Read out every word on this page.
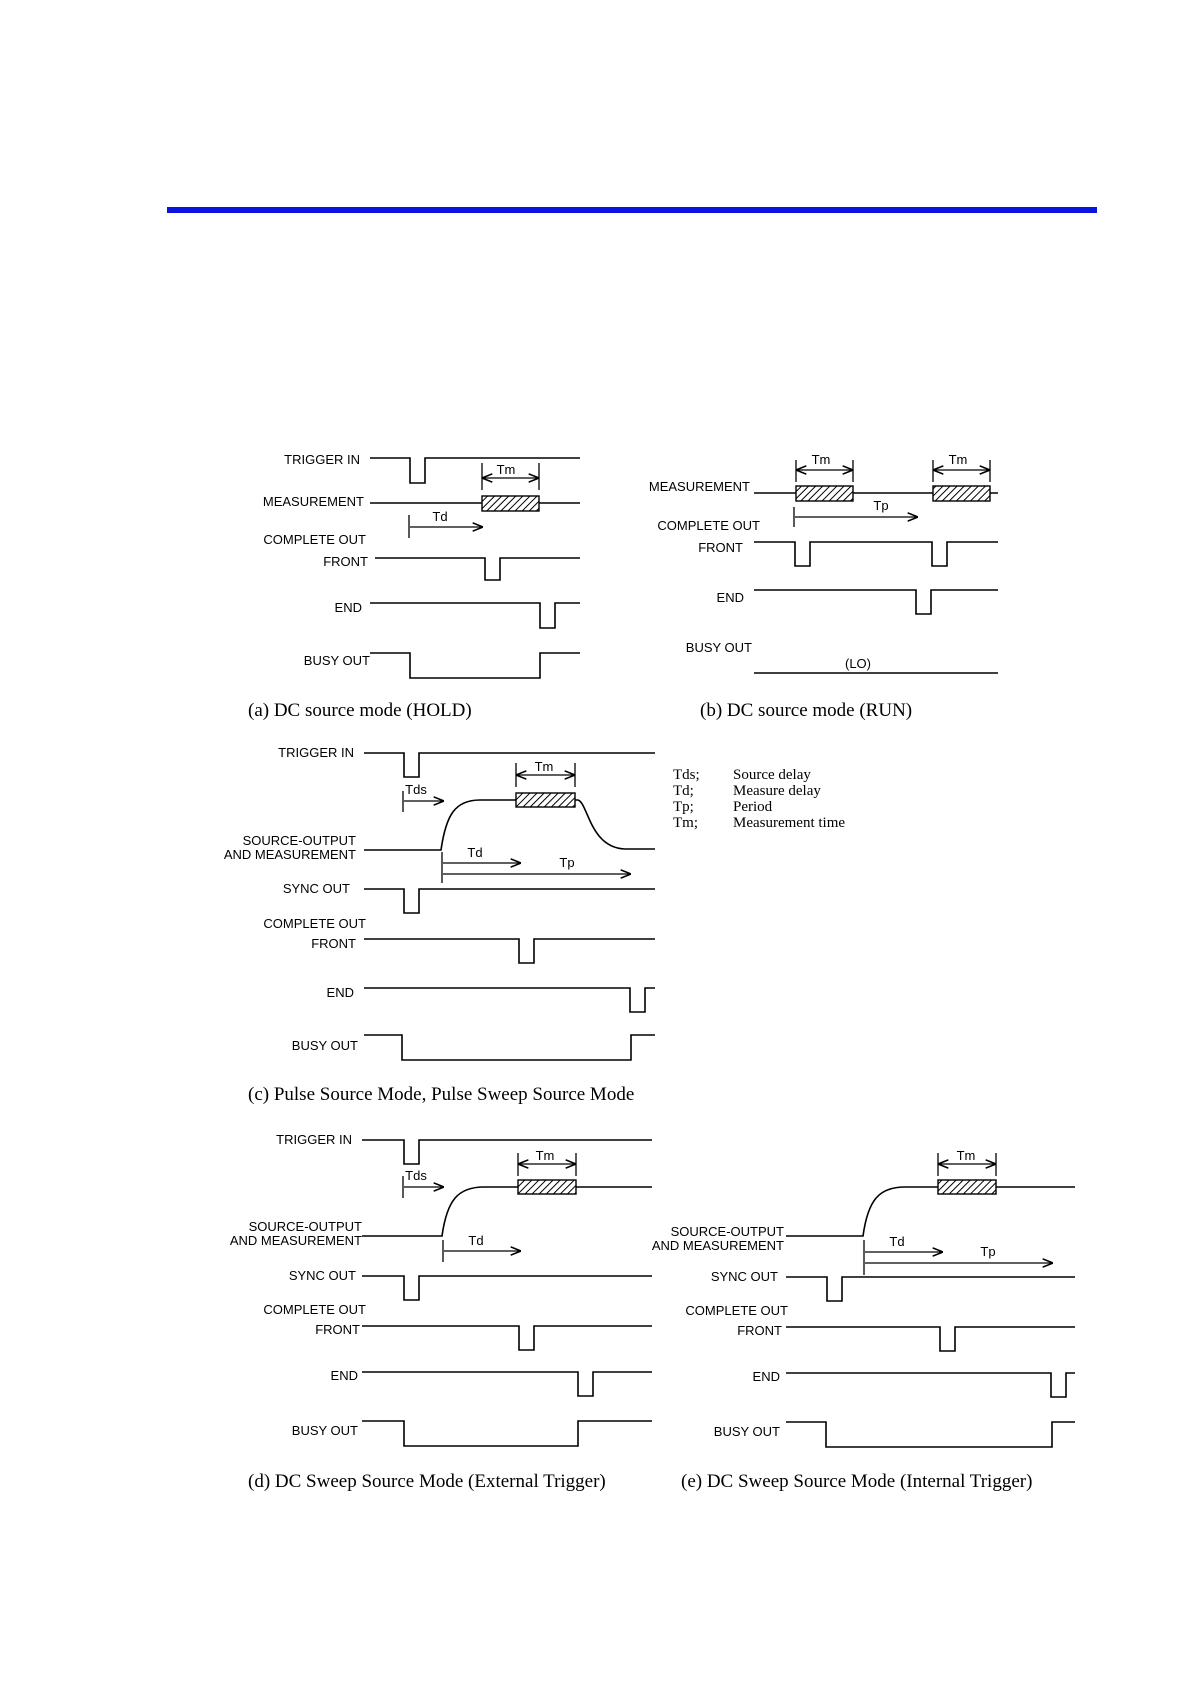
TRIGGER IN
MEASUREMENT
Tm
Td
COMPLETE OUT
FRONT
END
BUSY OUT
(a) DC source mode (HOLD)
Tm	Tm
MEASUREMENT
Tp
COMPLETE OUT
FRONT
END
BUSY OUT
(LO)
(b) DC source mode (RUN)
TRIGGER IN
Tds
Tm
SOURCE-OUTPUT
AND MEASUREMENT	Td
Tp
SYNC OUT
COMPLETE OUT
FRONT
END
BUSY OUT
(c) Pulse Source Mode, Pulse Sweep Source Mode
Tds; Source delay
Td;	Measure delay
Tp;	Period
Tm; Measurement time
TRIGGER IN
Tds
Tm
SOURCE-OUTPUT
AND MEASUREMENT	Td
SYNC OUT
COMPLETE OUT
FRONT
END
BUSY OUT
(d) DC Sweep Source Mode (External Trigger)
Tm
SOURCE-OUTPUT
AND MEASUREMENT	Td
Tp
SYNC OUT
COMPLETE OUT
FRONT
END
BUSY OUT
(e) DC Sweep Source Mode (Internal Trigger)
